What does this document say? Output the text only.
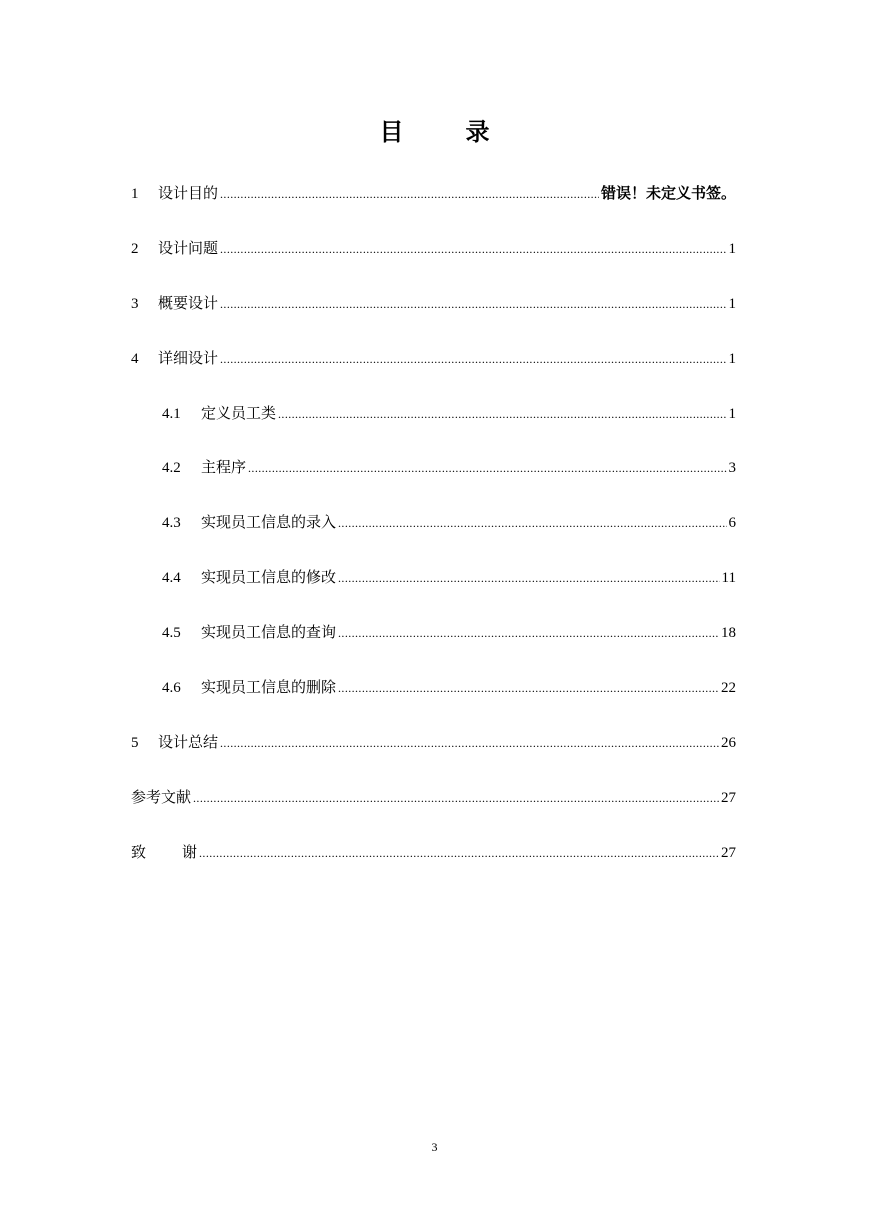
目	录
1	设计目的 .....	错误！未定义书签。
2	设计问题 .....	1
3	概要设计 .....	1
4	详细设计 .....	1
4.1	定义员工类 .....	1
4.2	主程序 .....	3
4.3	实现员工信息的录入 .....	6
4.4	实现员工信息的修改 .....	11
4.5	实现员工信息的查询 .....	18
4.6	实现员工信息的删除 .....	22
5	设计总结 .....	26
参考文献 .....	27
致 谢 .....	27
3
